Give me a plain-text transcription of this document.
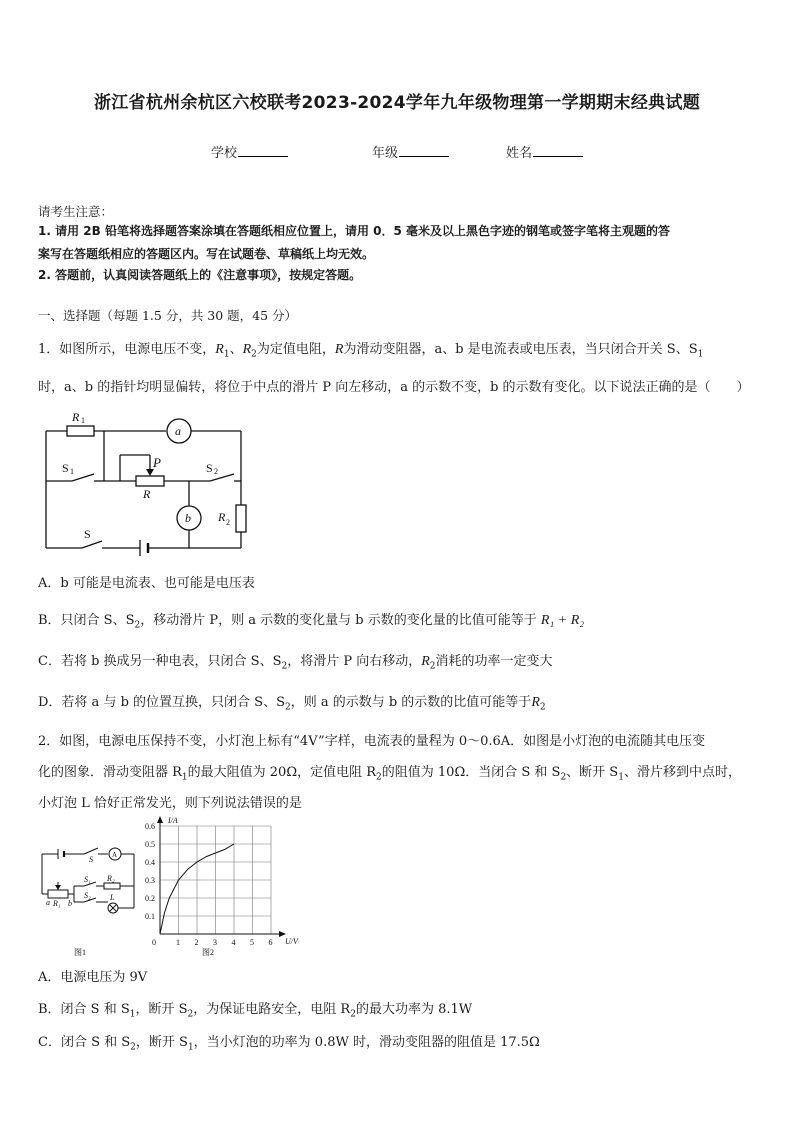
浙江省杭州余杭区六校联考2023-2024学年九年级物理第一学期期末经典试题
学校	年级	姓名
请考生注意：
1. 请用 2B 铅笔将选择题答案涂填在答题纸相应位置上，请用 0．5 毫米及以上黑色字迹的钢笔或签字笔将主观题的答
案写在答题纸相应的答题区内。写在试题卷、草稿纸上均无效。
2. 答题前，认真阅读答题纸上的《注意事项》，按规定答题。
一、选择题（每题 1.5 分，共 30 题，45 分）
1．如图所示，电源电压不变，$R_1$、$R_2$为定值电阻，R为滑动变阻器，a、b 是电流表或电压表，当只闭合开关 S、$S_1$
时，a、b 的指针均明显偏转，将位于中点的滑片 P 向左移动，a 的示数不变，b 的示数有变化。以下说法正确的是（　　）
R 1
a
S 1
P
R
S 2
b R 2
S
A．b 可能是电流表、也可能是电压表
B．只闭合 S、$S_2$，移动滑片 P，则 a 示数的变化量与 b 示数的变化量的比值可能等于 R₁ + R₂
C．若将 b 换成另一种电表，只闭合 S、$S_2$，将滑片 P 向右移动，$R_2$消耗的功率一定变大
D．若将 a 与 b 的位置互换，只闭合 S、$S_2$，则 a 的示数与 b 的示数的比值可能等于$R_2$
2．如图，电源电压保持不变，小灯泡上标有“4V”字样，电流表的量程为 0～0.6A．如图是小灯泡的电流随其电压变
化的图象．滑动变阻器 $R_1$的最大阻值为 20Ω，定值电阻 $R_2$的阻值为 10Ω．当闭合 S 和 $S_2$、断开 $S_1$、滑片移到中点时，
小灯泡 L 恰好正常发光，则下列说法错误的是
S	A
S₁ R₂
S₂ L
a R₁ b
图1
0.6
0.5
0.4
0.3
0.2
0.1
0	1 2 3 4 5 6
I/A
U/V
图2
A．电源电压为 9V
B．闭合 S 和 $S_1$，断开 $S_2$，为保证电路安全，电阻 $R_2$的最大功率为 8.1W
C．闭合 S 和 $S_2$，断开 $S_1$，当小灯泡的功率为 0.8W 时，滑动变阻器的阻值是 17.5Ω
